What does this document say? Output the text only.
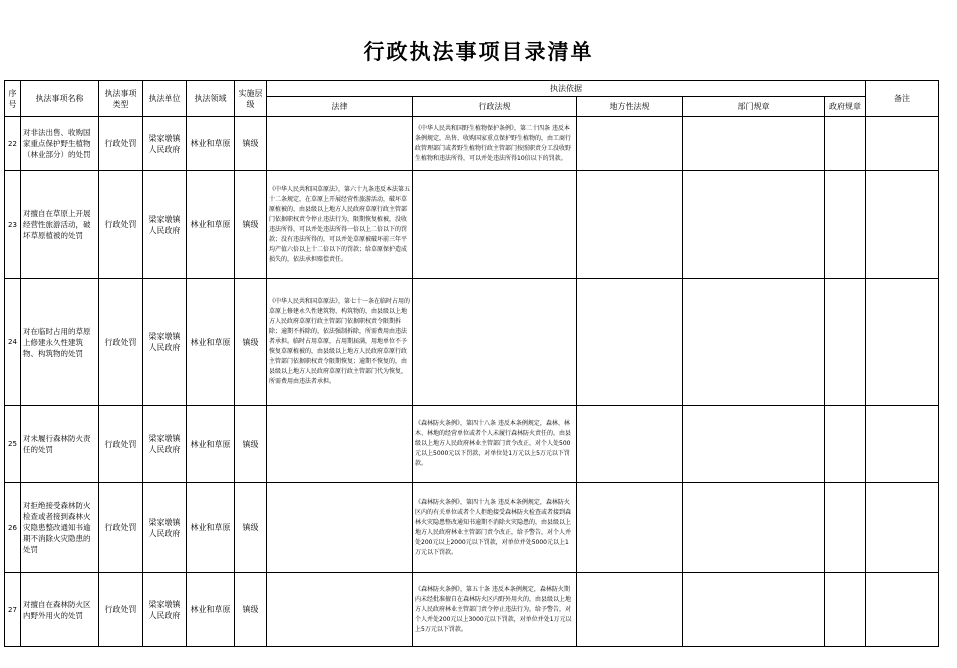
行政执法事项目录清单
序号	执法事项名称	执法事项类型	执法单位	执法领域	实施层级	执法依据					备注
						法律	行政法规	地方性法规	部门规章	政府规章	
22	对非法出售、收购国家重点保护野生植物（林业部分）的处罚	行政处罚	梁家墩镇人民政府	林业和草原	镇级		《中华人民共和国野生植物保护条例》，第二十四条 违反本条例规定，出售、收购国家重点保护野生植物的，由工商行政管理部门或者野生植物行政主管部门按照职责分工没收野生植物和违法所得，可以并处违法所得10倍以下的罚款。				
23	对擅自在草原上开展经营性旅游活动，破坏草原植被的处罚	行政处罚	梁家墩镇人民政府	林业和草原	镇级	《中华人民共和国草原法》，第六十九条违反本法第五十二条规定，在草原上开展经营性旅游活动，破坏草原植被的，由县级以上地方人民政府草原行政主管部门依据职权责令停止违法行为，限期恢复植被，没收违法所得，可以并处违法所得一倍以上二倍以下的罚款；没有违法所得的，可以并处草原被破坏前三年平均产值六倍以上十二倍以下的罚款；给草原保护造成损失的，依法承担赔偿责任。					
24	对在临时占用的草原上修建永久性建筑物、构筑物的处罚	行政处罚	梁家墩镇人民政府	林业和草原	镇级	《中华人民共和国草原法》，第七十一条在临时占用的草原上修建永久性建筑物、构筑物的，由县级以上地方人民政府草原行政主管部门依据职权责令限期拆除；逾期不拆除的，依法强制拆除，所需费用由违法者承担。临时占用草原，占用期届满，用地单位不予恢复草原植被的，由县级以上地方人民政府草原行政主管部门依据职权责令限期恢复；逾期不恢复的，由县级以上地方人民政府草原行政主管部门代为恢复，所需费用由违法者承担。					
25	对未履行森林防火责任的处罚	行政处罚	梁家墩镇人民政府	林业和草原	镇级		《森林防火条例》，第四十八条 违反本条例规定，森林、林木、林地的经营单位或者个人未履行森林防火责任的，由县级以上地方人民政府林业主管部门责令改正，对个人处500元以上5000元以下罚款，对单位处1万元以上5万元以下罚款。				
26	对拒绝接受森林防火检查或者接到森林火灾隐患整改通知书逾期不消除火灾隐患的处罚	行政处罚	梁家墩镇人民政府	林业和草原	镇级		《森林防火条例》，第四十九条 违反本条例规定，森林防火区内的有关单位或者个人拒绝接受森林防火检查或者接到森林火灾隐患整改通知书逾期不消除火灾隐患的，由县级以上地方人民政府林业主管部门责令改正，给予警告，对个人并处200元以上2000元以下罚款，对单位并处5000元以上1万元以下罚款。				
27	对擅自在森林防火区内野外用火的处罚	行政处罚	梁家墩镇人民政府	林业和草原	镇级		《森林防火条例》，第五十条 违反本条例规定，森林防火期内未经批准擅自在森林防火区内野外用火的，由县级以上地方人民政府林业主管部门责令停止违法行为，给予警告，对个人并处200元以上3000元以下罚款，对单位并处1万元以上5万元以下罚款。				
